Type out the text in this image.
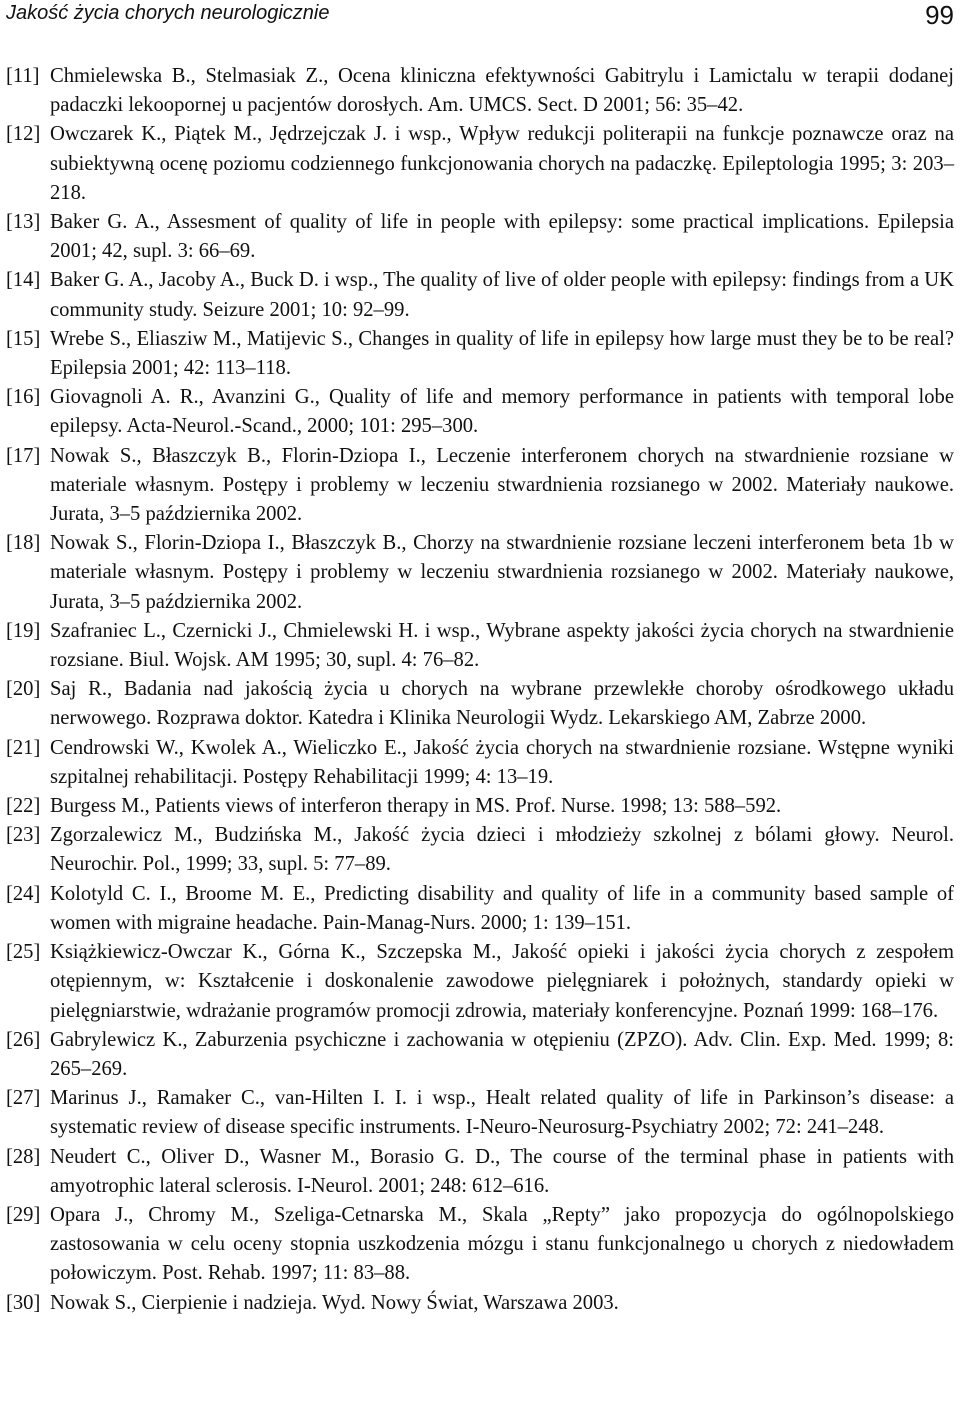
Jakość życia chorych neurologicznie	99
[11] Chmielewska B., Stelmasiak Z., Ocena kliniczna efektywności Gabitrylu i Lamictalu w terapii dodanej padaczki lekoopornej u pacjentów dorosłych. Am. UMCS. Sect. D 2001; 56: 35–42.
[12] Owczarek K., Piątek M., Jędrzejczak J. i wsp., Wpływ redukcji politerapii na funkcje poznawcze oraz na subiektywną ocenę poziomu codziennego funkcjonowania chorych na padaczkę. Epileptologia 1995; 3: 203–218.
[13] Baker G. A., Assesment of quality of life in people with epilepsy: some practical implications. Epilepsia 2001; 42, supl. 3: 66–69.
[14] Baker G. A., Jacoby A., Buck D. i wsp., The quality of live of older people with epilepsy: findings from a UK community study. Seizure 2001; 10: 92–99.
[15] Wrebe S., Eliasziw M., Matijevic S., Changes in quality of life in epilepsy how large must they be to be real? Epilepsia 2001; 42: 113–118.
[16] Giovagnoli A. R., Avanzini G., Quality of life and memory performance in patients with temporal lobe epilepsy. Acta-Neurol.-Scand., 2000; 101: 295–300.
[17] Nowak S., Błaszczyk B., Florin-Dziopa I., Leczenie interferonem chorych na stwardnienie rozsiane w materiale własnym. Postępy i problemy w leczeniu stwardnienia rozsianego w 2002. Materiały naukowe. Jurata, 3–5 października 2002.
[18] Nowak S., Florin-Dziopa I., Błaszczyk B., Chorzy na stwardnienie rozsiane leczeni interferonem beta 1b w materiale własnym. Postępy i problemy w leczeniu stwardnienia rozsianego w 2002. Materiały naukowe, Jurata, 3–5 października 2002.
[19] Szafraniec L., Czernicki J., Chmielewski H. i wsp., Wybrane aspekty jakości życia chorych na stwardnienie rozsiane. Biul. Wojsk. AM 1995; 30, supl. 4: 76–82.
[20] Saj R., Badania nad jakością życia u chorych na wybrane przewlekłe choroby ośrodkowego układu nerwowego. Rozprawa doktor. Katedra i Klinika Neurologii Wydz. Lekarskiego AM, Zabrze 2000.
[21] Cendrowski W., Kwolek A., Wieliczko E., Jakość życia chorych na stwardnienie rozsiane. Wstępne wyniki szpitalnej rehabilitacji. Postępy Rehabilitacji 1999; 4: 13–19.
[22] Burgess M., Patients views of interferon therapy in MS. Prof. Nurse. 1998; 13: 588–592.
[23] Zgorzalewicz M., Budzińska M., Jakość życia dzieci i młodzieży szkolnej z bólami głowy. Neurol. Neurochir. Pol., 1999; 33, supl. 5: 77–89.
[24] Kolotyld C. I., Broome M. E., Predicting disability and quality of life in a community based sample of women with migraine headache. Pain-Manag-Nurs. 2000; 1: 139–151.
[25] Książkiewicz-Owczar K., Górna K., Szczepska M., Jakość opieki i jakości życia chorych z zespołem otępiennym, w: Kształcenie i doskonalenie zawodowe pielęgniarek i położnych, standardy opieki w pielęgniarstwie, wdrażanie programów promocji zdrowia, materiały konferencyjne. Poznań 1999: 168–176.
[26] Gabrylewicz K., Zaburzenia psychiczne i zachowania w otępieniu (ZPZO). Adv. Clin. Exp. Med. 1999; 8: 265–269.
[27] Marinus J., Ramaker C., van-Hilten I. I. i wsp., Healt related quality of life in Parkinson’s disease: a systematic review of disease specific instruments. I-Neuro-Neurosurg-Psychiatry 2002; 72: 241–248.
[28] Neudert C., Oliver D., Wasner M., Borasio G. D., The course of the terminal phase in patients with amyotrophic lateral sclerosis. I-Neurol. 2001; 248: 612–616.
[29] Opara J., Chromy M., Szeliga-Cetnarska M., Skala „Repty” jako propozycja do ogólnopolskiego zastosowania w celu oceny stopnia uszkodzenia mózgu i stanu funkcjonalnego u chorych z niedowładem połowiczym. Post. Rehab. 1997; 11: 83–88.
[30] Nowak S., Cierpienie i nadzieja. Wyd. Nowy Świat, Warszawa 2003.
